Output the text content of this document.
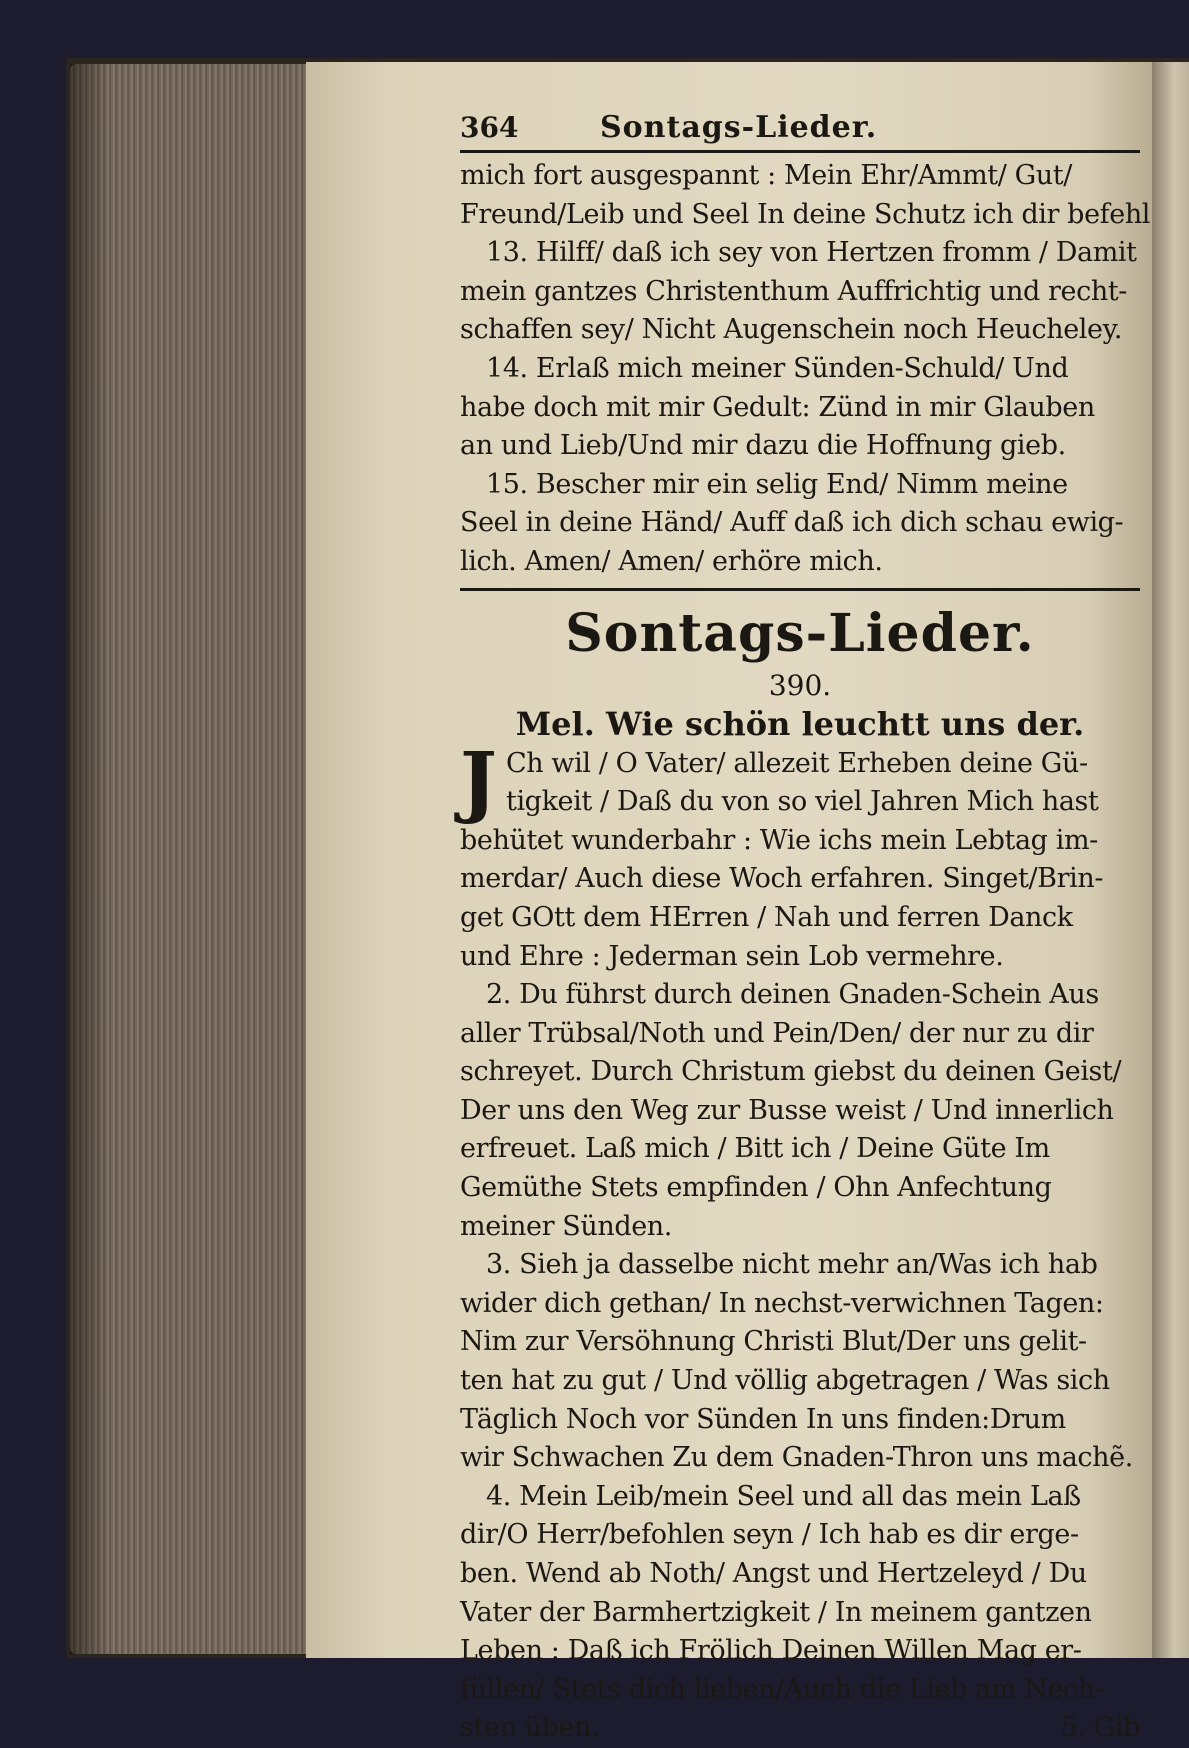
364	Sontags-Lieder.
mich fort ausgespannt : Mein Ehr/Ammt/ Gut/
Freund/Leib und Seel In deine Schutz ich dir befehl
13. Hilff/ daß ich sey von Hertzen fromm / Damit
mein gantzes Christenthum Auffrichtig und recht-
schaffen sey/ Nicht Augenschein noch Heucheley.
14. Erlaß mich meiner Sünden-Schuld/ Und
habe doch mit mir Gedult: Zünd in mir Glauben
an und Lieb/Und mir dazu die Hoffnung gieb.
15. Bescher mir ein selig End/ Nimm meine
Seel in deine Händ/ Auff daß ich dich schau ewig-
lich. Amen/ Amen/ erhöre mich.
Sontags-Lieder.
390.
Mel. Wie schön leuchtt uns der.
J Ch wil / O Vater/ allezeit Erheben deine Gü-
tigkeit / Daß du von so viel Jahren Mich hast
behütet wunderbahr : Wie ichs mein Lebtag im-
merdar/ Auch diese Woch erfahren. Singet/Brin-
get GOtt dem HErren / Nah und ferren Danck
und Ehre : Jederman sein Lob vermehre.
2. Du führst durch deinen Gnaden-Schein Aus
aller Trübsal/Noth und Pein/Den/ der nur zu dir
schreyet. Durch Christum giebst du deinen Geist/
Der uns den Weg zur Busse weist / Und innerlich
erfreuet. Laß mich / Bitt ich / Deine Güte Im
Gemüthe Stets empfinden / Ohn Anfechtung
meiner Sünden.
3. Sieh ja dasselbe nicht mehr an/Was ich hab
wider dich gethan/ In nechst-verwichnen Tagen:
Nim zur Versöhnung Christi Blut/Der uns gelit-
ten hat zu gut / Und völlig abgetragen / Was sich
Täglich Noch vor Sünden In uns finden:Drum
wir Schwachen Zu dem Gnaden-Thron uns machẽ.
4. Mein Leib/mein Seel und all das mein Laß
dir/O Herr/befohlen seyn / Ich hab es dir erge-
ben. Wend ab Noth/ Angst und Hertzeleyd / Du
Vater der Barmhertzigkeit / In meinem gantzen
Leben : Daß ich Frölich Deinen Willen Mag er-
füllen/ Stets dich lieben/Auch die Lieb am Nech-
sten üben.	5. Gib
